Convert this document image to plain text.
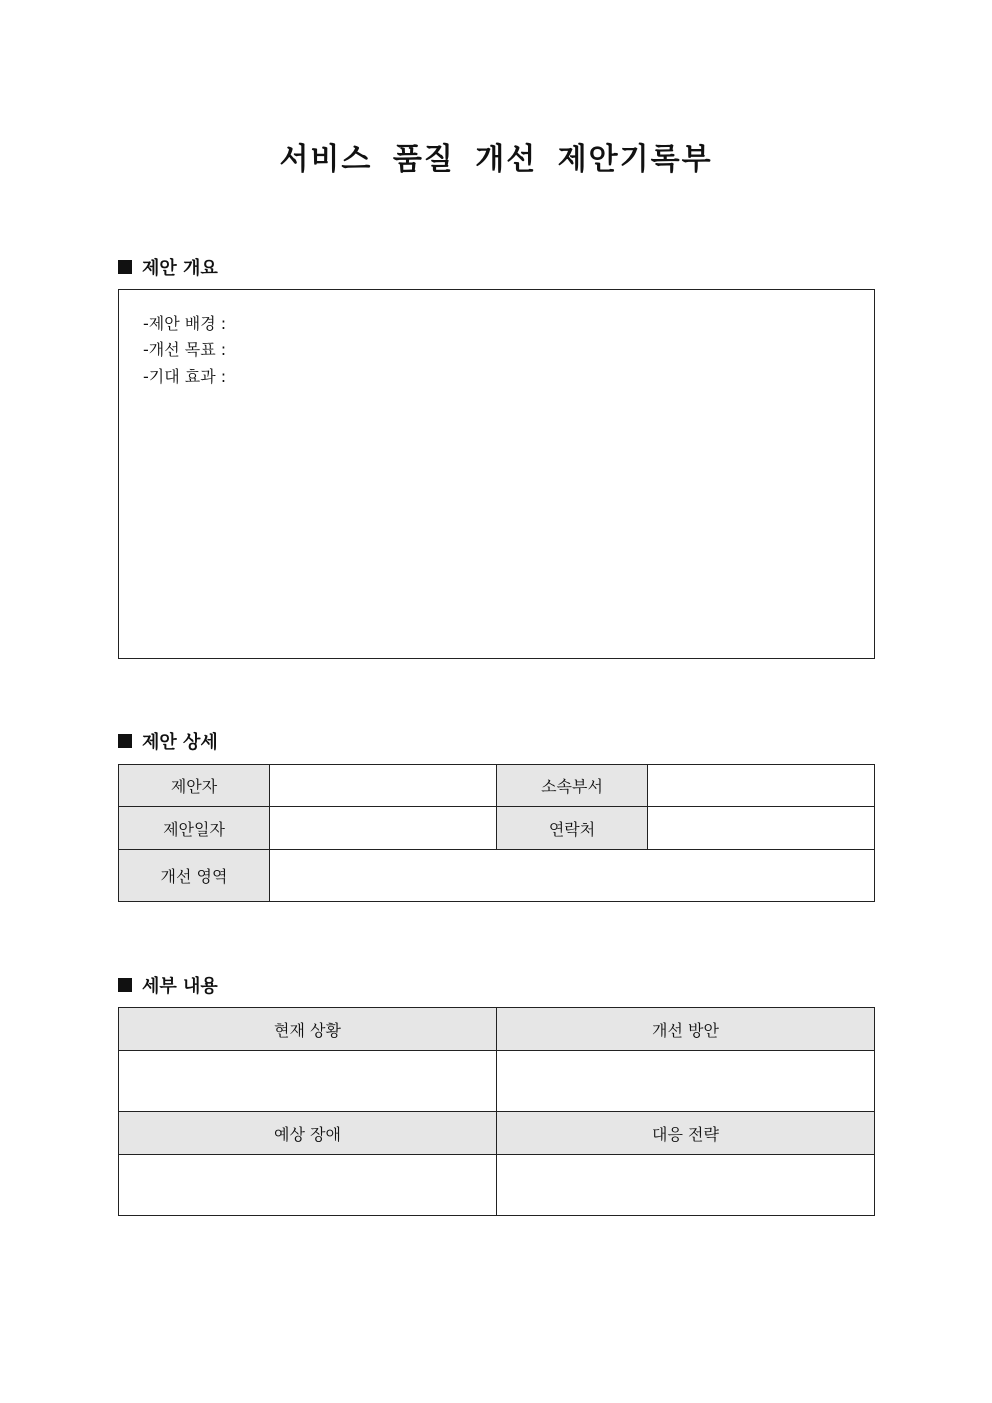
서비스 품질 개선 제안기록부
제안 개요
-제안 배경 :
-개선 목표 :
-기대 효과 :
제안 상세
제안자		소속부서	
제안일자		연락처	
개선 영역			
세부 내용
현재 상황	개선 방안

예상 장애	대응 전략
